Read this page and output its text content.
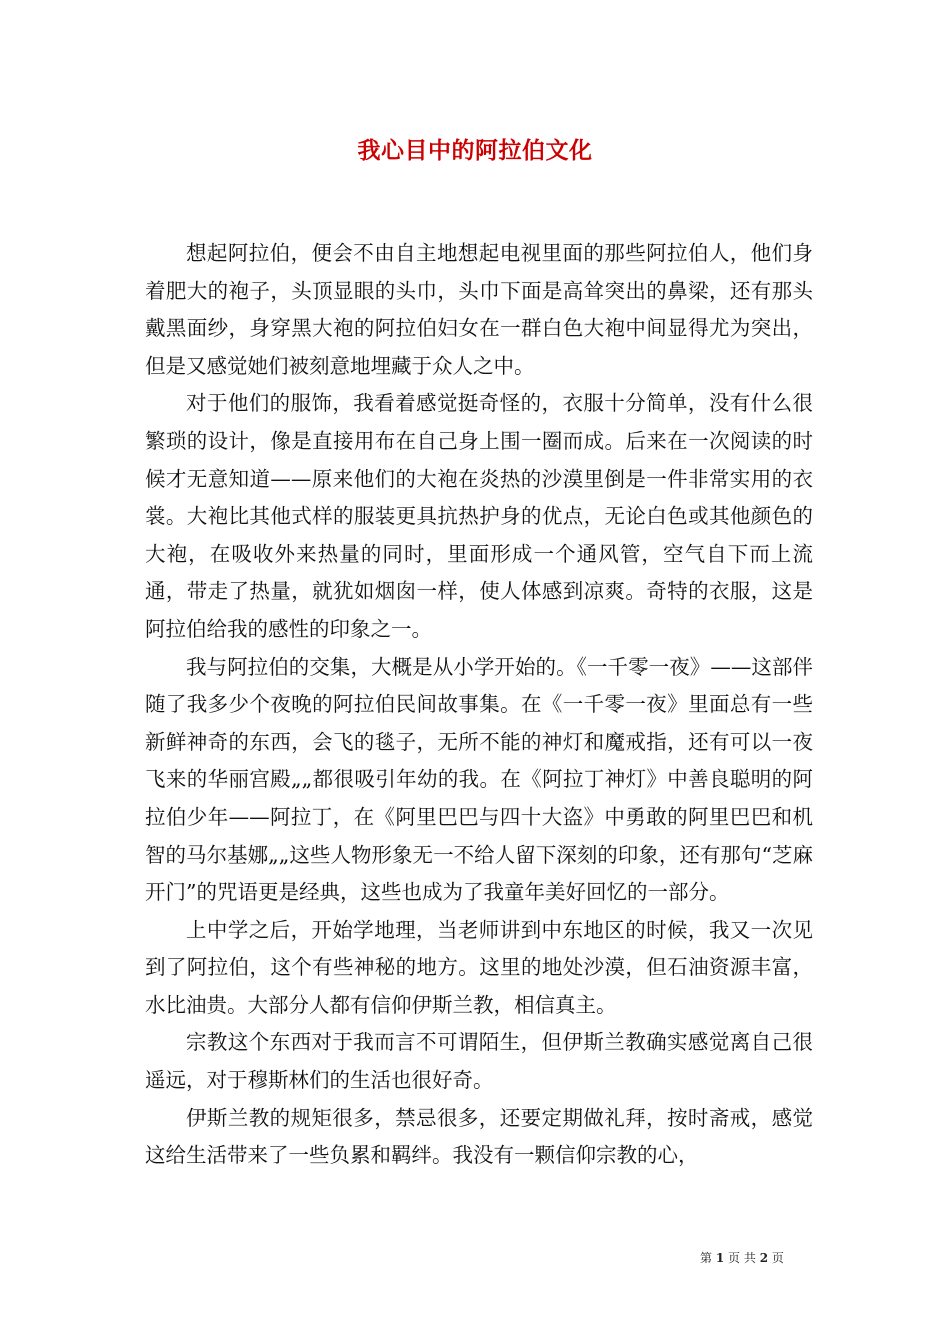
我心目中的阿拉伯文化

想起阿拉伯，便会不由自主地想起电视里面的那些阿拉伯人，他们身着肥大的袍子，头顶显眼的头巾，头巾下面是高耸突出的鼻梁，还有那头戴黑面纱，身穿黑大袍的阿拉伯妇女在一群白色大袍中间显得尤为突出，但是又感觉她们被刻意地埋藏于众人之中。

对于他们的服饰，我看着感觉挺奇怪的，衣服十分简单，没有什么很繁琐的设计，像是直接用布在自己身上围一圈而成。后来在一次阅读的时候才无意知道——原来他们的大袍在炎热的沙漠里倒是一件非常实用的衣裳。大袍比其他式样的服装更具抗热护身的优点，无论白色或其他颜色的大袍，在吸收外来热量的同时，里面形成一个通风管，空气自下而上流通，带走了热量，就犹如烟囱一样，使人体感到凉爽。奇特的衣服，这是阿拉伯给我的感性的印象之一。

我与阿拉伯的交集，大概是从小学开始的。《一千零一夜》——这部伴随了我多少个夜晚的阿拉伯民间故事集。在《一千零一夜》里面总有一些新鲜神奇的东西，会飞的毯子，无所不能的神灯和魔戒指，还有可以一夜飞来的华丽宫殿„„都很吸引年幼的我。在《阿拉丁神灯》中善良聪明的阿拉伯少年——阿拉丁，在《阿里巴巴与四十大盗》中勇敢的阿里巴巴和机智的马尔基娜„„这些人物形象无一不给人留下深刻的印象，还有那句“芝麻开门”的咒语更是经典，这些也成为了我童年美好回忆的一部分。

上中学之后，开始学地理，当老师讲到中东地区的时候，我又一次见到了阿拉伯，这个有些神秘的地方。这里的地处沙漠，但石油资源丰富，水比油贵。大部分人都有信仰伊斯兰教，相信真主。

宗教这个东西对于我而言不可谓陌生，但伊斯兰教确实感觉离自己很遥远，对于穆斯林们的生活也很好奇。

伊斯兰教的规矩很多，禁忌很多，还要定期做礼拜，按时斋戒，感觉这给生活带来了一些负累和羁绊。我没有一颗信仰宗教的心，

第 1 页 共 2 页
